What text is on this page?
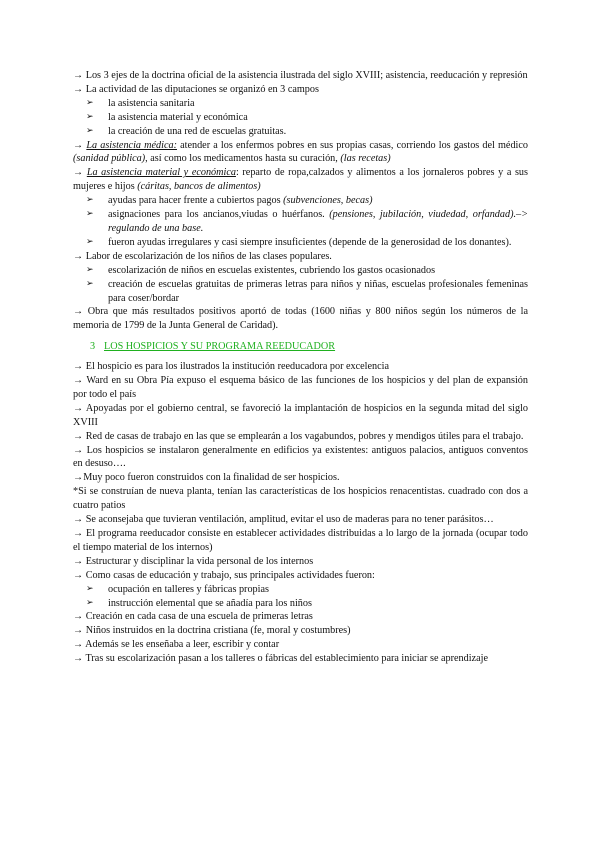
→ Los 3 ejes de la doctrina oficial de la asistencia ilustrada del siglo XVIII; asistencia, reeducación y represión

→ La actividad de las diputaciones se organizó en 3 campos

➢ la asistencia sanitaria

➢ la asistencia material y económica

➢ la creación de una red de escuelas gratuitas.

→ La asistencia médica: atender a los enfermos pobres en sus propias casas, corriendo los gastos del médico (sanidad pública), así como los medicamentos hasta su curación, (las recetas)

→ La asistencia material y económica: reparto de ropa,calzados y alimentos a los jornaleros pobres y a sus mujeres e hijos (cáritas, bancos de alimentos)

➢ ayudas para hacer frente a cubiertos pagos (subvenciones, becas)

➢ asignaciones para los ancianos,viudas o huérfanos. (pensiones, jubilación, viudedad, orfandad).–> regulando de una base.

➢ fueron ayudas irregulares y casi siempre insuficientes (depende de la generosidad de los donantes).

→ Labor de escolarización de los niños de las clases populares.

➢ escolarización de niños en escuelas existentes, cubriendo los gastos ocasionados

➢ creación de escuelas gratuitas de primeras letras para niños y niñas, escuelas profesionales femeninas para coser/bordar

→ Obra que más resultados positivos aportó de todas (1600 niñas y 800 niños según los números de la memoria de 1799 de la Junta General de Caridad).

3 LOS HOSPICIOS Y SU PROGRAMA REEDUCADOR

→ El hospicio es para los ilustrados la institución reeducadora por excelencia

→ Ward en su Obra Pía expuso el esquema básico de las funciones de los hospicios y del plan de expansión por todo el país

→ Apoyadas por el gobierno central, se favoreció la implantación de hospicios en la segunda mitad del siglo XVIII

→ Red de casas de trabajo en las que se emplearán a los vagabundos, pobres y mendigos útiles para el trabajo.

→ Los hospicios se instalaron generalmente en edificios ya existentes: antiguos palacios, antiguos conventos en desuso….

→Muy poco fueron construidos con la finalidad de ser hospicios.

*Si se construían de nueva planta, tenían las características de los hospicios renacentistas. cuadrado con dos a cuatro patios

→ Se aconsejaba que tuvieran ventilación, amplitud, evitar el uso de maderas para no tener parásitos…

→ El programa reeducador consiste en establecer actividades distribuidas a lo largo de la jornada (ocupar todo el tiempo material de los internos)

→ Estructurar y disciplinar la vida personal de los internos

→ Como casas de educación y trabajo, sus principales actividades fueron:

➢ ocupación en talleres y fábricas propias

➢ instrucción elemental que se añadía para los niños

→ Creación en cada casa de una escuela de primeras letras

→ Niños instruidos en la doctrina cristiana (fe, moral y costumbres)

→ Además se les enseñaba a leer, escribir y contar

→ Tras su escolarización pasan a los talleres o fábricas del establecimiento para iniciar se aprendizaje
